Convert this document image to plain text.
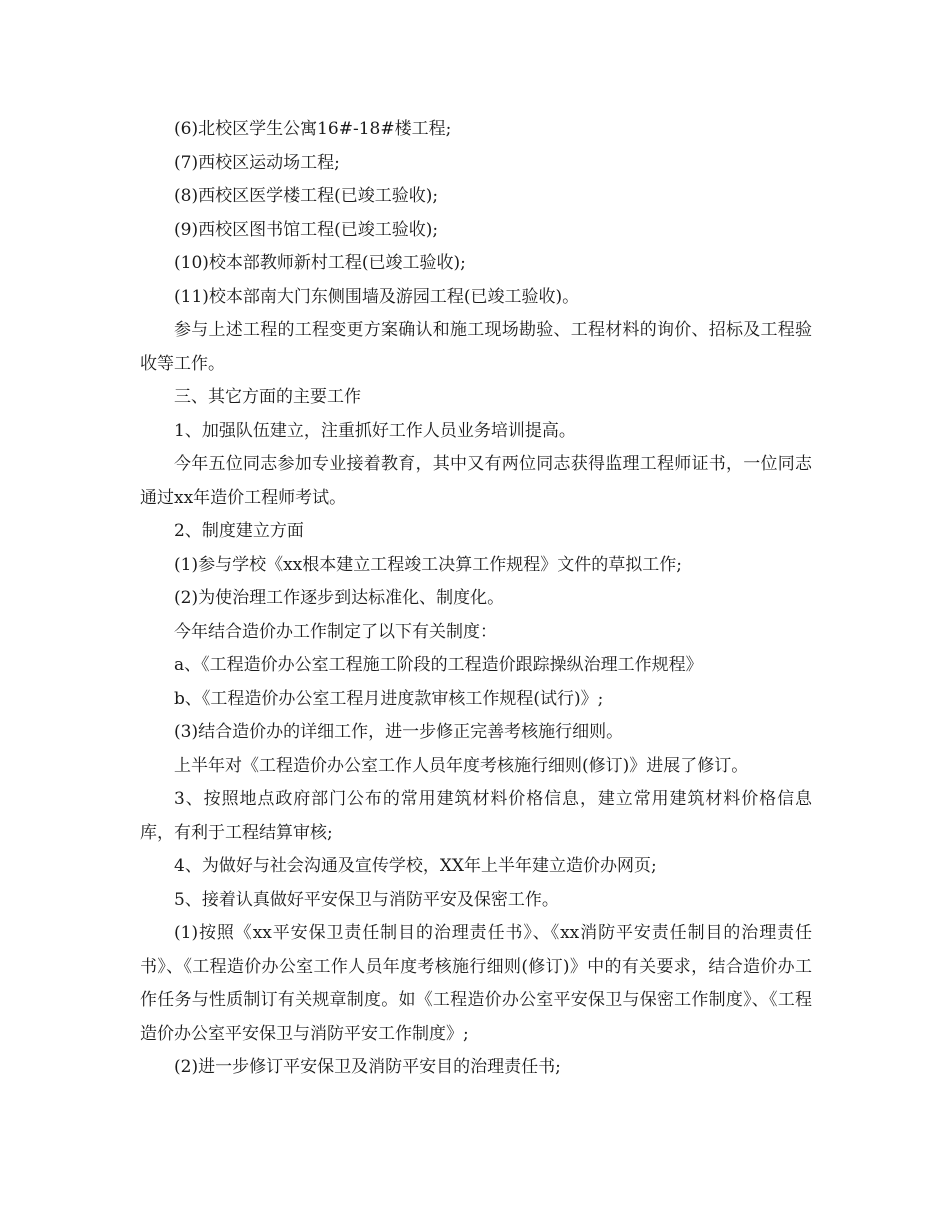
(6)北校区学生公寓16#-18#楼工程;

(7)西校区运动场工程;

(8)西校区医学楼工程(已竣工验收);

(9)西校区图书馆工程(已竣工验收);

(10)校本部教师新村工程(已竣工验收);

(11)校本部南大门东侧围墙及游园工程(已竣工验收)。

参与上述工程的工程变更方案确认和施工现场勘验、工程材料的询价、招标及工程验收等工作。

三、其它方面的主要工作

1、加强队伍建立，注重抓好工作人员业务培训提高。

今年五位同志参加专业接着教育，其中又有两位同志获得监理工程师证书，一位同志通过xx年造价工程师考试。

2、制度建立方面

(1)参与学校《xx根本建立工程竣工决算工作规程》文件的草拟工作;

(2)为使治理工作逐步到达标准化、制度化。

今年结合造价办工作制定了以下有关制度：

a、《工程造价办公室工程施工阶段的工程造价跟踪操纵治理工作规程》

b、《工程造价办公室工程月进度款审核工作规程(试行)》;

(3)结合造价办的详细工作，进一步修正完善考核施行细则。

上半年对《工程造价办公室工作人员年度考核施行细则(修订)》进展了修订。

3、按照地点政府部门公布的常用建筑材料价格信息，建立常用建筑材料价格信息库，有利于工程结算审核;

4、为做好与社会沟通及宣传学校，XX年上半年建立造价办网页;

5、接着认真做好平安保卫与消防平安及保密工作。

(1)按照《xx平安保卫责任制目的治理责任书》、《xx消防平安责任制目的治理责任书》、《工程造价办公室工作人员年度考核施行细则(修订)》中的有关要求，结合造价办工作任务与性质制订有关规章制度。如《工程造价办公室平安保卫与保密工作制度》、《工程造价办公室平安保卫与消防平安工作制度》;

(2)进一步修订平安保卫及消防平安目的治理责任书;
